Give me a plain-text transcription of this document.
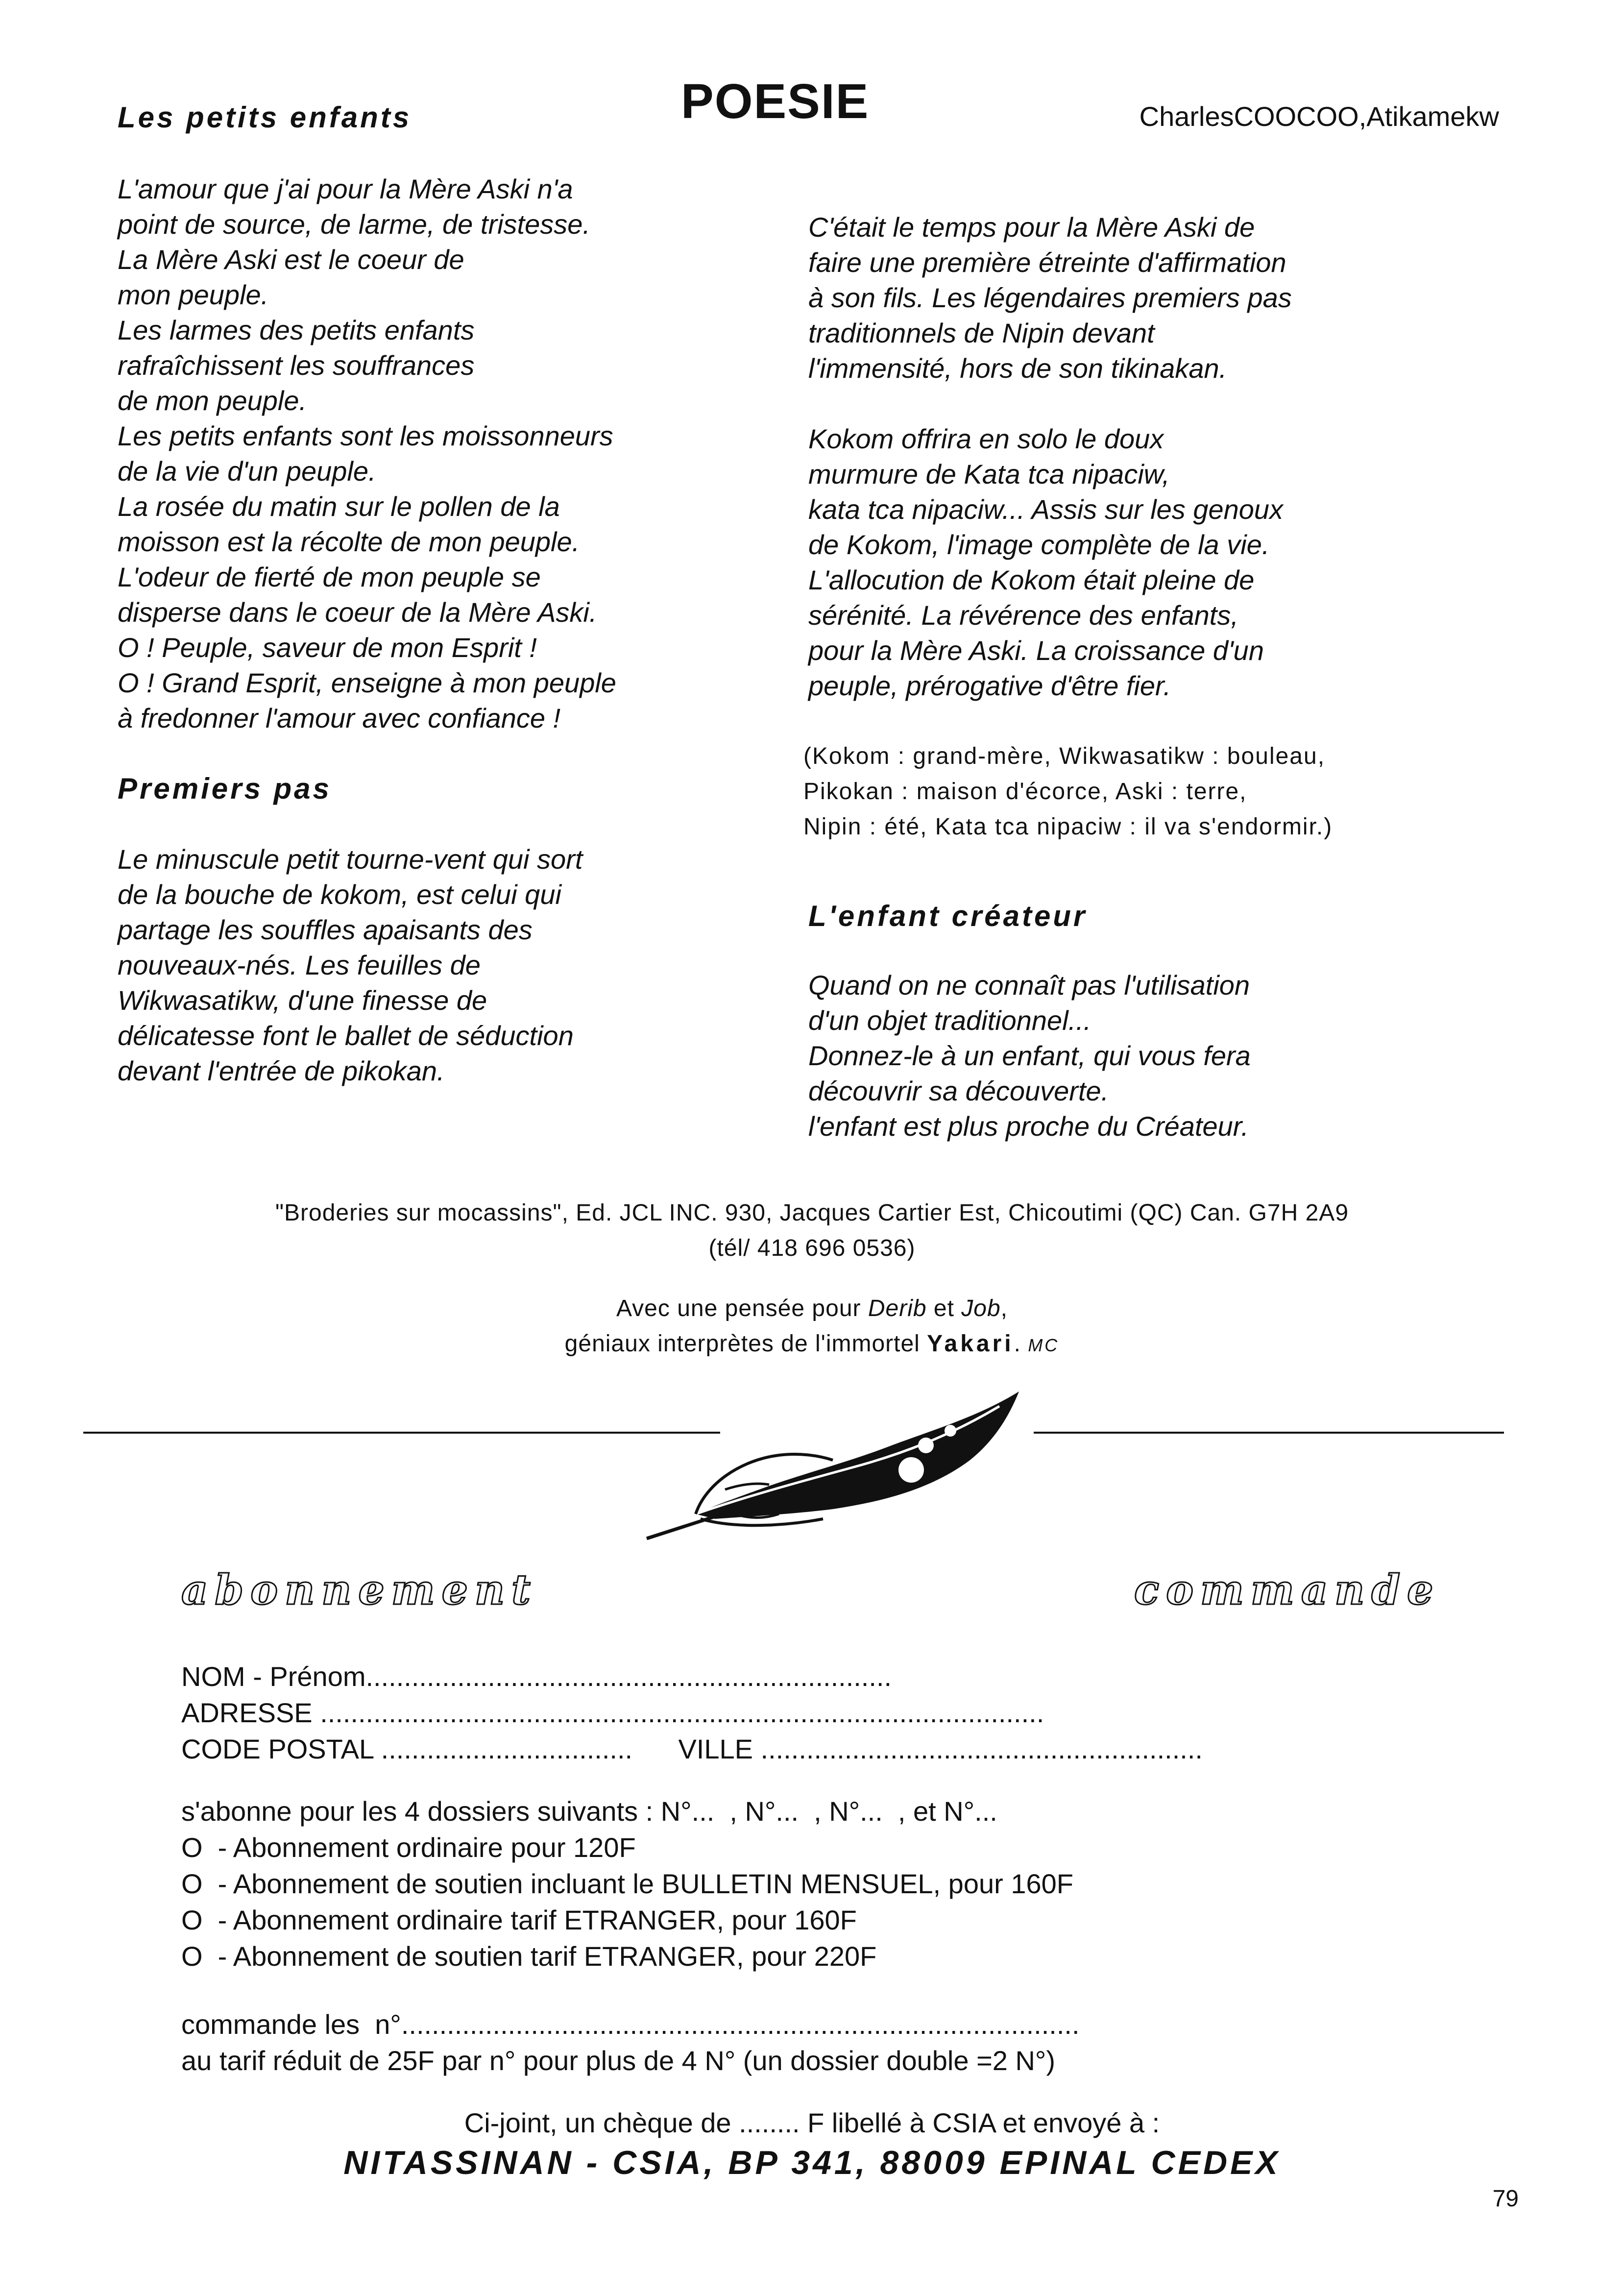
Les petits enfants	POESIE	CharlesCOOCOO,Atikamekw

L'amour que j'ai pour la Mère Aski n'a

point de source, de larme, de tristesse.

La Mère Aski est le coeur de

mon peuple.

Les larmes des petits enfants

rafraîchissent les souffrances

de mon peuple.

Les petits enfants sont les moissonneurs

de la vie d'un peuple.

La rosée du matin sur le pollen de la

moisson est la récolte de mon peuple.

L'odeur de fierté de mon peuple se

disperse dans le coeur de la Mère Aski.

O ! Peuple, saveur de mon Esprit !

O ! Grand Esprit, enseigne à mon peuple

à fredonner l'amour avec confiance !

Premiers pas

Le minuscule petit tourne-vent qui sort

de la bouche de kokom, est celui qui

partage les souffles apaisants des

nouveaux-nés. Les feuilles de

Wikwasatikw, d'une finesse de

délicatesse font le ballet de séduction

devant l'entrée de pikokan.

C'était le temps pour la Mère Aski de

faire une première étreinte d'affirmation

à son fils. Les légendaires premiers pas

traditionnels de Nipin devant

l'immensité, hors de son tikinakan.

Kokom offrira en solo le doux

murmure de Kata tca nipaciw,

kata tca nipaciw... Assis sur les genoux

de Kokom, l'image complète de la vie.

L'allocution de Kokom était pleine de

sérénité. La révérence des enfants,

pour la Mère Aski. La croissance d'un

peuple, prérogative d'être fier.

(Kokom : grand-mère, Wikwasatikw : bouleau,

Pikokan : maison d'écorce, Aski : terre,

Nipin : été, Kata tca nipaciw : il va s'endormir.)

L'enfant créateur

Quand on ne connaît pas l'utilisation

d'un objet traditionnel...

Donnez-le à un enfant, qui vous fera

découvrir sa découverte.

l'enfant est plus proche du Créateur.

"Broderies sur mocassins", Ed. JCL INC. 930, Jacques Cartier Est, Chicoutimi (QC) Can. G7H 2A9

(tél/ 418 696 0536)

Avec une pensée pour Derib et Job,

géniaux interprètes de l'immortel Yakari. MC

abonnement	commande

NOM - Prénom.....................................................................

ADRESSE ...............................................................................................

CODE POSTAL ................................. VILLE ..........................................................

s'abonne pour les 4 dossiers suivants : N°...  , N°...  , N°...  , et N°...

O  - Abonnement ordinaire pour 120F

O  - Abonnement de soutien incluant le BULLETIN MENSUEL, pour 160F

O  - Abonnement ordinaire tarif ETRANGER, pour 160F

O  - Abonnement de soutien tarif ETRANGER, pour 220F

commande les  n°.........................................................................................

au tarif réduit de 25F par n° pour plus de 4 N° (un dossier double =2 N°)

Ci-joint, un chèque de ........ F libellé à CSIA et envoyé à :
NITASSINAN - CSIA, BP 341, 88009 EPINAL CEDEX
79
